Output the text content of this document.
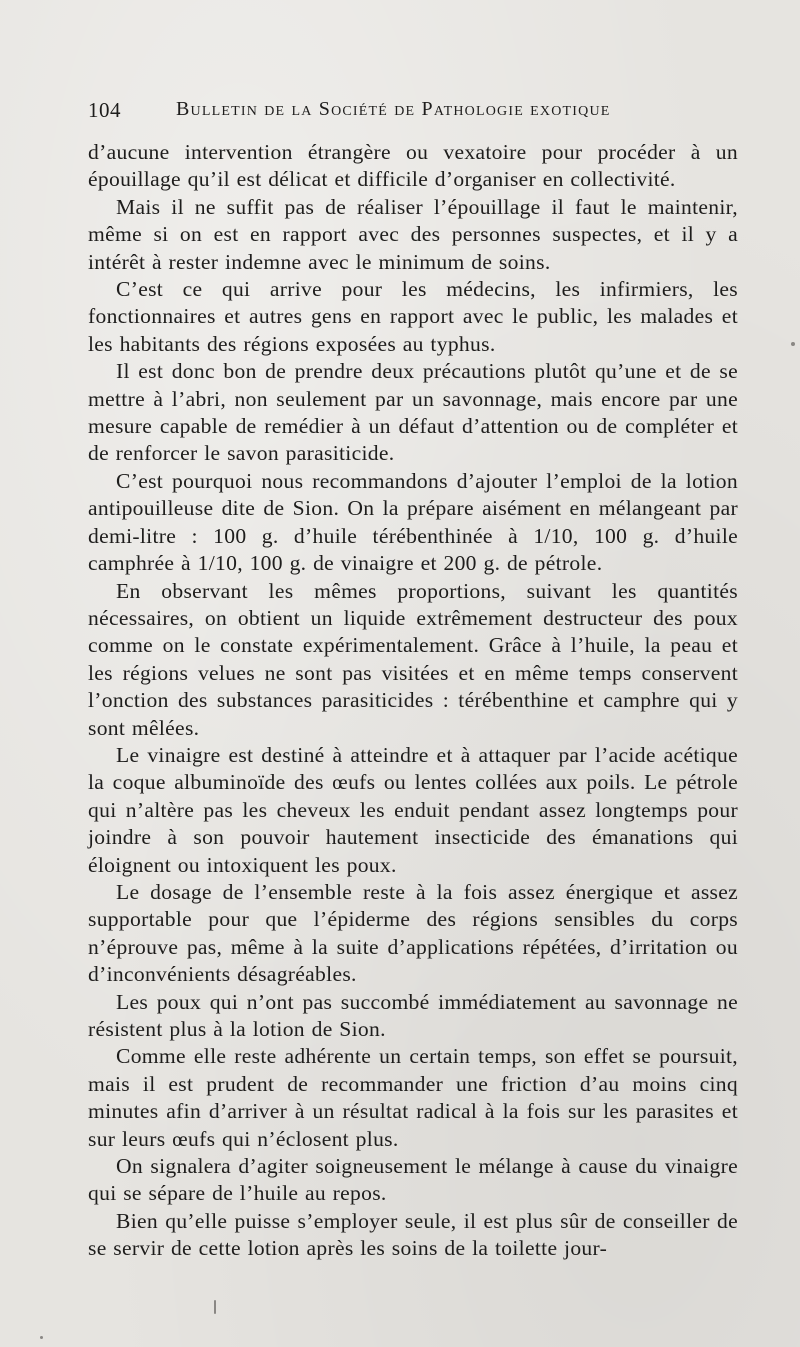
104	Bulletin de la Société de Pathologie exotique

d’aucune intervention étrangère ou vexatoire pour procéder à un épouillage qu’il est délicat et difficile d’organiser en collectivité.

Mais il ne suffit pas de réaliser l’épouillage il faut le maintenir, même si on est en rapport avec des personnes suspectes, et il y a intérêt à rester indemne avec le minimum de soins.

C’est ce qui arrive pour les médecins, les infirmiers, les fonctionnaires et autres gens en rapport avec le public, les malades et les habitants des régions exposées au typhus.

Il est donc bon de prendre deux précautions plutôt qu’une et de se mettre à l’abri, non seulement par un savonnage, mais encore par une mesure capable de remédier à un défaut d’attention ou de compléter et de renforcer le savon parasiticide.

C’est pourquoi nous recommandons d’ajouter l’emploi de la lotion antipouilleuse dite de Sion. On la prépare aisément en mélangeant par demi-litre : 100 g. d’huile térébenthinée à 1/10, 100 g. d’huile camphrée à 1/10, 100 g. de vinaigre et 200 g. de pétrole.

En observant les mêmes proportions, suivant les quantités nécessaires, on obtient un liquide extrêmement destructeur des poux comme on le constate expérimentalement. Grâce à l’huile, la peau et les régions velues ne sont pas visitées et en même temps conservent l’onction des substances parasiticides : térébenthine et camphre qui y sont mêlées.

Le vinaigre est destiné à atteindre et à attaquer par l’acide acétique la coque albuminoïde des œufs ou lentes collées aux poils. Le pétrole qui n’altère pas les cheveux les enduit pendant assez longtemps pour joindre à son pouvoir hautement insecticide des émanations qui éloignent ou intoxiquent les poux.

Le dosage de l’ensemble reste à la fois assez énergique et assez supportable pour que l’épiderme des régions sensibles du corps n’éprouve pas, même à la suite d’applications répétées, d’irritation ou d’inconvénients désagréables.

Les poux qui n’ont pas succombé immédiatement au savonnage ne résistent plus à la lotion de Sion.

Comme elle reste adhérente un certain temps, son effet se poursuit, mais il est prudent de recommander une friction d’au moins cinq minutes afin d’arriver à un résultat radical à la fois sur les parasites et sur leurs œufs qui n’éclosent plus.

On signalera d’agiter soigneusement le mélange à cause du vinaigre qui se sépare de l’huile au repos.

Bien qu’elle puisse s’employer seule, il est plus sûr de conseiller de se servir de cette lotion après les soins de la toilette jour-
